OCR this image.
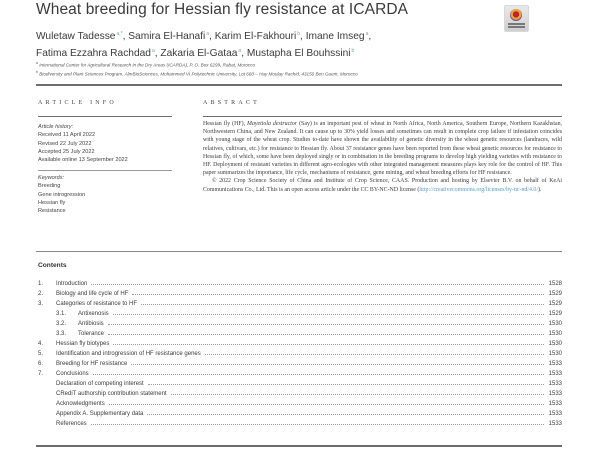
Wheat breeding for Hessian fly resistance at ICARDA
Wuletaw Tadesse$^{a,*}$, Samira El-Hanafi$^a$, Karim El-Fakhouri$^b$, Imane Imseg$^a$,
Fatima Ezzahra Rachdad$^a$, Zakaria El-Gataa$^a$, Mustapha El Bouhssini$^b$
$^a$ International Center for Agricultural Research in the Dry Areas (ICARDA), P. O. Box 6299, Rabat, Morocco
$^b$ Biodiversity and Plant Sciences Program, AlmBioSciences, Mohammed VI Polytechnic University, Lot 660 – Hay Moulay Rachid, 43150 Ben Guerir, Morocco
ARTICLE INFO
Article history:
Received 11 April 2022
Revised 22 July 2022
Accepted 25 July 2022
Available online 13 September 2022
Keywords:
Breeding
Gene introgression
Hessian fly
Resistance
ABSTRACT
Hessian fly (HF), Mayetiola destructor (Say) is an important pest of wheat in North Africa, North America, Southern Europe, Northern Kazakhstan, Northwestern China, and New Zealand. It can cause up to 30% yield losses and sometimes can result in complete crop failure if infestation coincides with young stage of the wheat crop. Studies to-date have shown the availability of genetic diversity in the wheat genetic resources (landraces, wild relatives, cultivars, etc.) for resistance to Hessian fly. About 37 resistance genes have been reported from these wheat genetic resources for resistance to Hessian fly, of which, some have been deployed singly or in combination in the breeding programs to develop high yielding varieties with resistance to HF. Deployment of resistant varieties in different agro-ecologies with other integrated management measures plays key role for the control of HF. This paper summarizes the importance, life cycle, mechanisms of resistance, gene mining, and wheat breeding efforts for HF resistance.
© 2022 Crop Science Society of China and Institute of Crop Science, CAAS. Production and hosting by Elsevier B.V. on behalf of KeAi Communications Co., Ltd. This is an open access article under the CC BY-NC-ND license (http://creativecommons.org/licenses/by-nc-nd/4.0/).
Contents
1.	Introduction	1528
2.	Biology and life cycle of HF	1529
3.	Categories of resistance to HF	1529
3.1.	Antixenosis	1529
3.2.	Antibiosis	1530
3.3.	Tolerance	1530
4.	Hessian fly biotypes	1530
5.	Identification and introgression of HF resistance genes	1530
6.	Breeding for HF resistance	1533
7.	Conclusions	1533
Declaration of competing interest	1533
CRediT authorship contribution statement	1533
Acknowledgments	1533
Appendix A. Supplementary data	1533
References	1533
